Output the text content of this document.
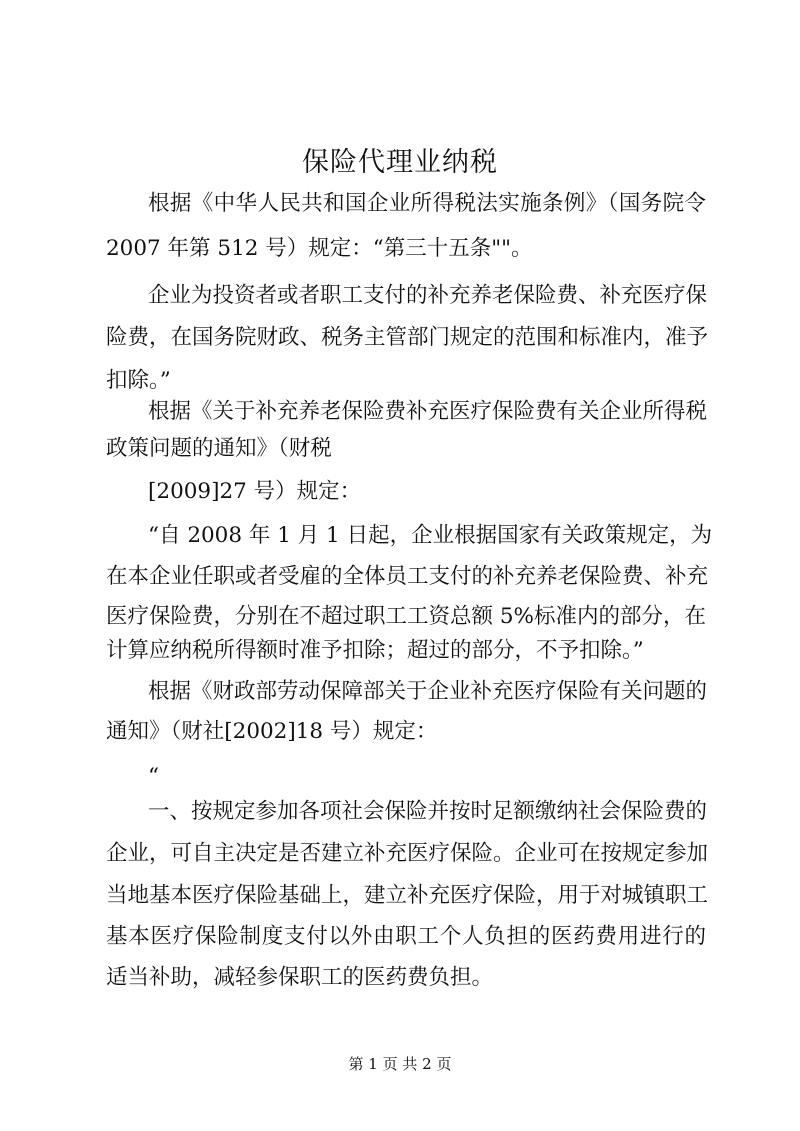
保险代理业纳税
根据《中华人民共和国企业所得税法实施条例》（国务院令
2007 年第 512 号）规定：“第三十五条""。
企业为投资者或者职工支付的补充养老保险费、补充医疗保
险费，在国务院财政、税务主管部门规定的范围和标准内，准予
扣除。”
根据《关于补充养老保险费补充医疗保险费有关企业所得税
政策问题的通知》（财税
[2009]27 号）规定：
“自 2008 年 1 月 1 日起，企业根据国家有关政策规定，为
在本企业任职或者受雇的全体员工支付的补充养老保险费、补充
医疗保险费，分别在不超过职工工资总额 5%标准内的部分，在
计算应纳税所得额时准予扣除；超过的部分，不予扣除。”
根据《财政部劳动保障部关于企业补充医疗保险有关问题的
通知》（财社[2002]18 号）规定：
“
一、按规定参加各项社会保险并按时足额缴纳社会保险费的
企业，可自主决定是否建立补充医疗保险。企业可在按规定参加
当地基本医疗保险基础上，建立补充医疗保险，用于对城镇职工
基本医疗保险制度支付以外由职工个人负担的医药费用进行的
适当补助，减轻参保职工的医药费负担。
第 1 页 共 2 页
